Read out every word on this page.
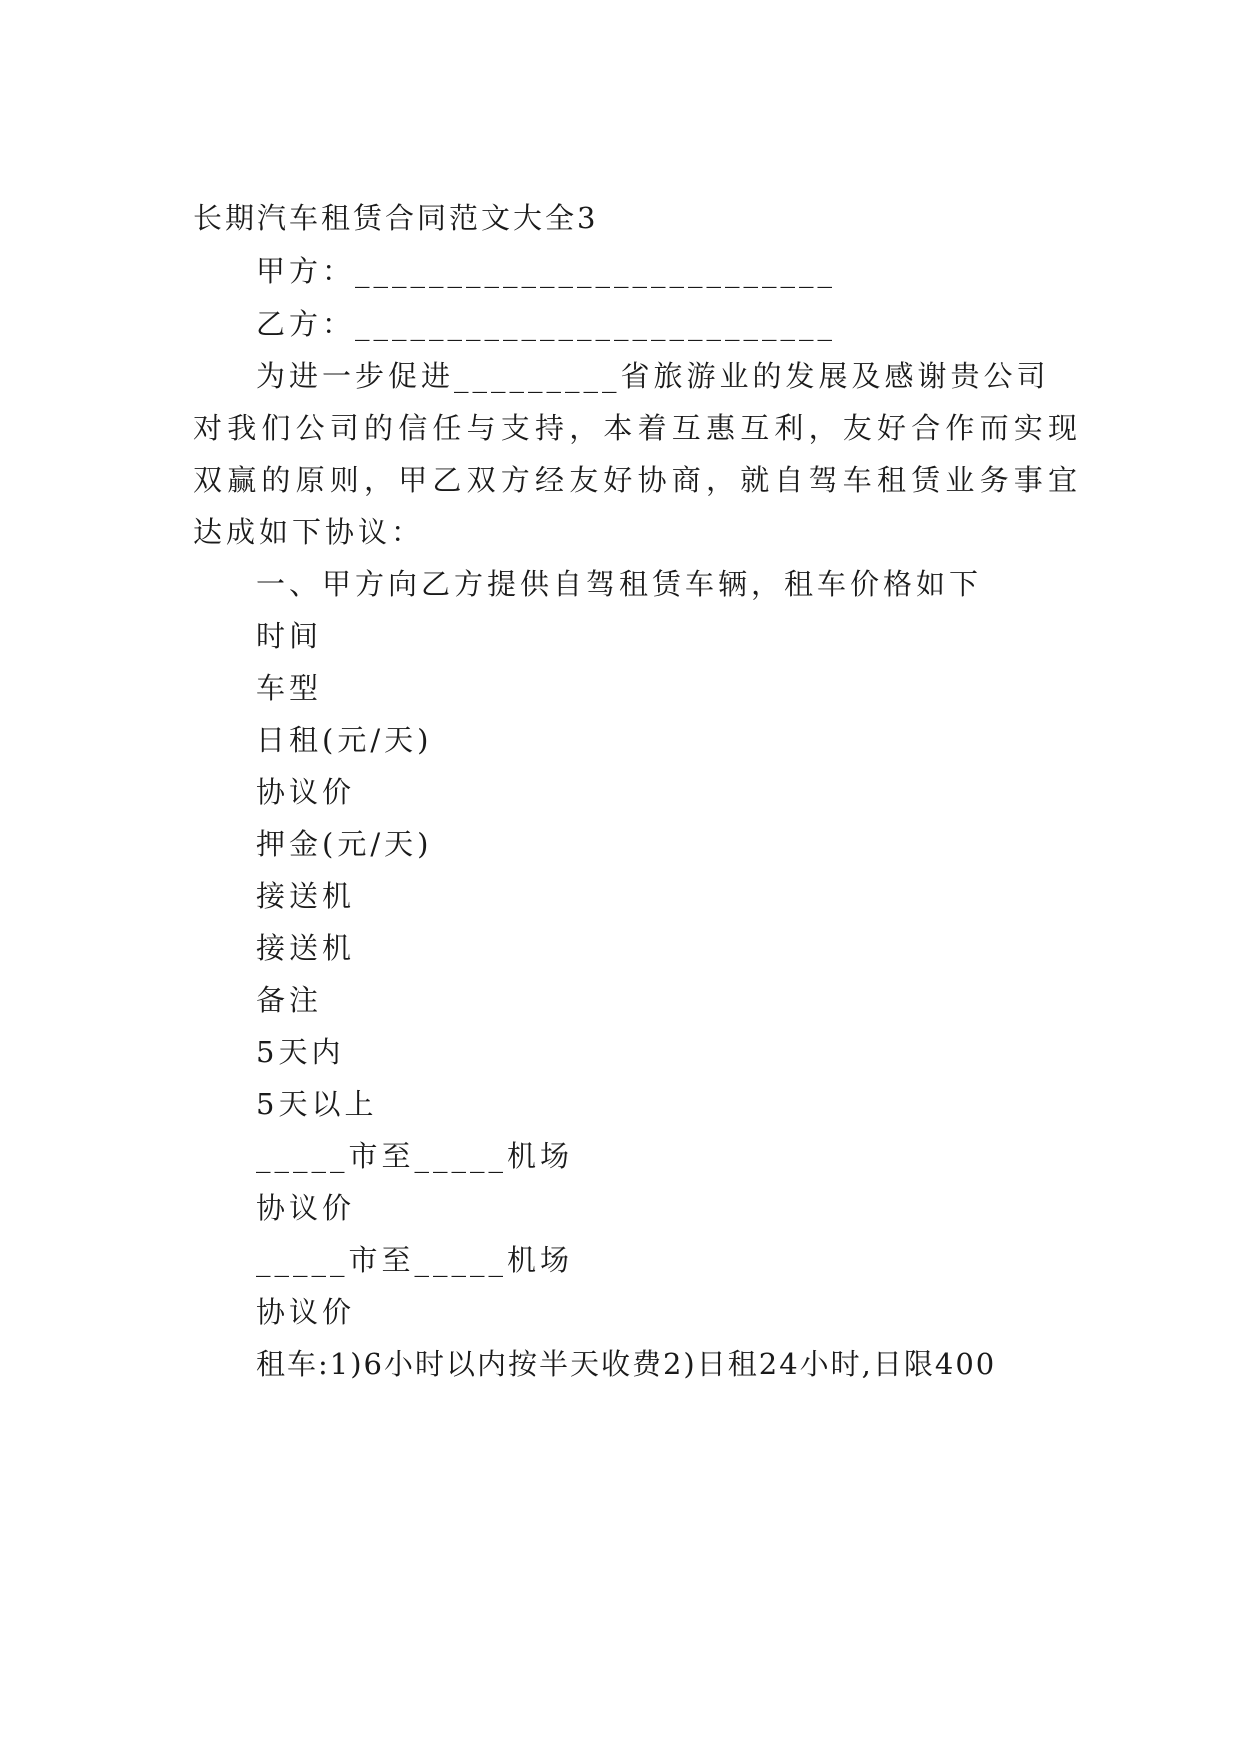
长期汽车租赁合同范文大全3
甲方：__________________________
乙方：__________________________
为进一步促进_________省旅游业的发展及感谢贵公司
对我们公司的信任与支持，本着互惠互利，友好合作而实现
双赢的原则，甲乙双方经友好协商，就自驾车租赁业务事宜
达成如下协议：
一、甲方向乙方提供自驾租赁车辆，租车价格如下
时间
车型
日租(元/天)
协议价
押金(元/天)
接送机
接送机
备注
5天内
5天以上
_____市至_____机场
协议价
_____市至_____机场
协议价
租车:1)6小时以内按半天收费2)日租24小时,日限400
